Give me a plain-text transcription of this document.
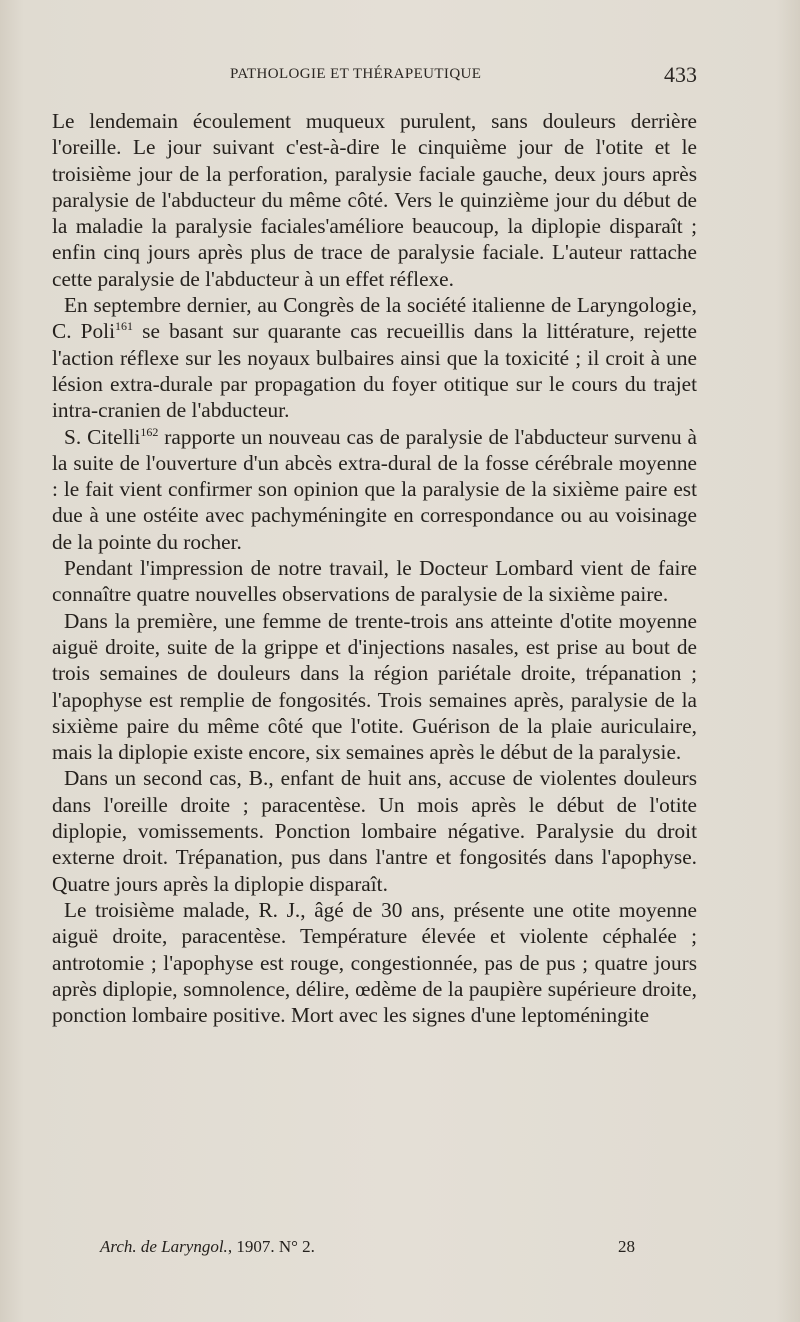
PATHOLOGIE ET THÉRAPEUTIQUE	433

Le lendemain écoulement muqueux purulent, sans douleurs derrière l'oreille. Le jour suivant c'est-à-dire le cinquième jour de l'otite et le troisième jour de la perforation, paralysie faciale gauche, deux jours après paralysie de l'abducteur du même côté. Vers le quinzième jour du début de la maladie la paralysie faciales'améliore beaucoup, la diplopie disparaît ; enfin cinq jours après plus de trace de paralysie faciale. L'auteur rattache cette paralysie de l'abducteur à un effet réflexe.

En septembre dernier, au Congrès de la société italienne de Laryngologie, C. Poli$^{161}$ se basant sur quarante cas recueillis dans la littérature, rejette l'action réflexe sur les noyaux bulbaires ainsi que la toxicité ; il croit à une lésion extra-durale par propagation du foyer otitique sur le cours du trajet intra-cranien de l'abducteur.

S. Citelli$^{162}$ rapporte un nouveau cas de paralysie de l'abducteur survenu à la suite de l'ouverture d'un abcès extra-dural de la fosse cérébrale moyenne : le fait vient confirmer son opinion que la paralysie de la sixième paire est due à une ostéite avec pachyméningite en correspondance ou au voisinage de la pointe du rocher.

Pendant l'impression de notre travail, le Docteur Lombard vient de faire connaître quatre nouvelles observations de paralysie de la sixième paire.

Dans la première, une femme de trente-trois ans atteinte d'otite moyenne aiguë droite, suite de la grippe et d'injections nasales, est prise au bout de trois semaines de douleurs dans la région pariétale droite, trépanation ; l'apophyse est remplie de fongosités. Trois semaines après, paralysie de la sixième paire du même côté que l'otite. Guérison de la plaie auriculaire, mais la diplopie existe encore, six semaines après le début de la paralysie.

Dans un second cas, B., enfant de huit ans, accuse de violentes douleurs dans l'oreille droite ; paracentèse. Un mois après le début de l'otite diplopie, vomissements. Ponction lombaire négative. Paralysie du droit externe droit. Trépanation, pus dans l'antre et fongosités dans l'apophyse. Quatre jours après la diplopie disparaît.

Le troisième malade, R. J., âgé de 30 ans, présente une otite moyenne aiguë droite, paracentèse. Température élevée et violente céphalée ; antrotomie ; l'apophyse est rouge, congestionnée, pas de pus ; quatre jours après diplopie, somnolence, délire, œdème de la paupière supérieure droite, ponction lombaire positive. Mort avec les signes d'une leptoméningite

Arch. de Laryngol., 1907. N° 2.	28
